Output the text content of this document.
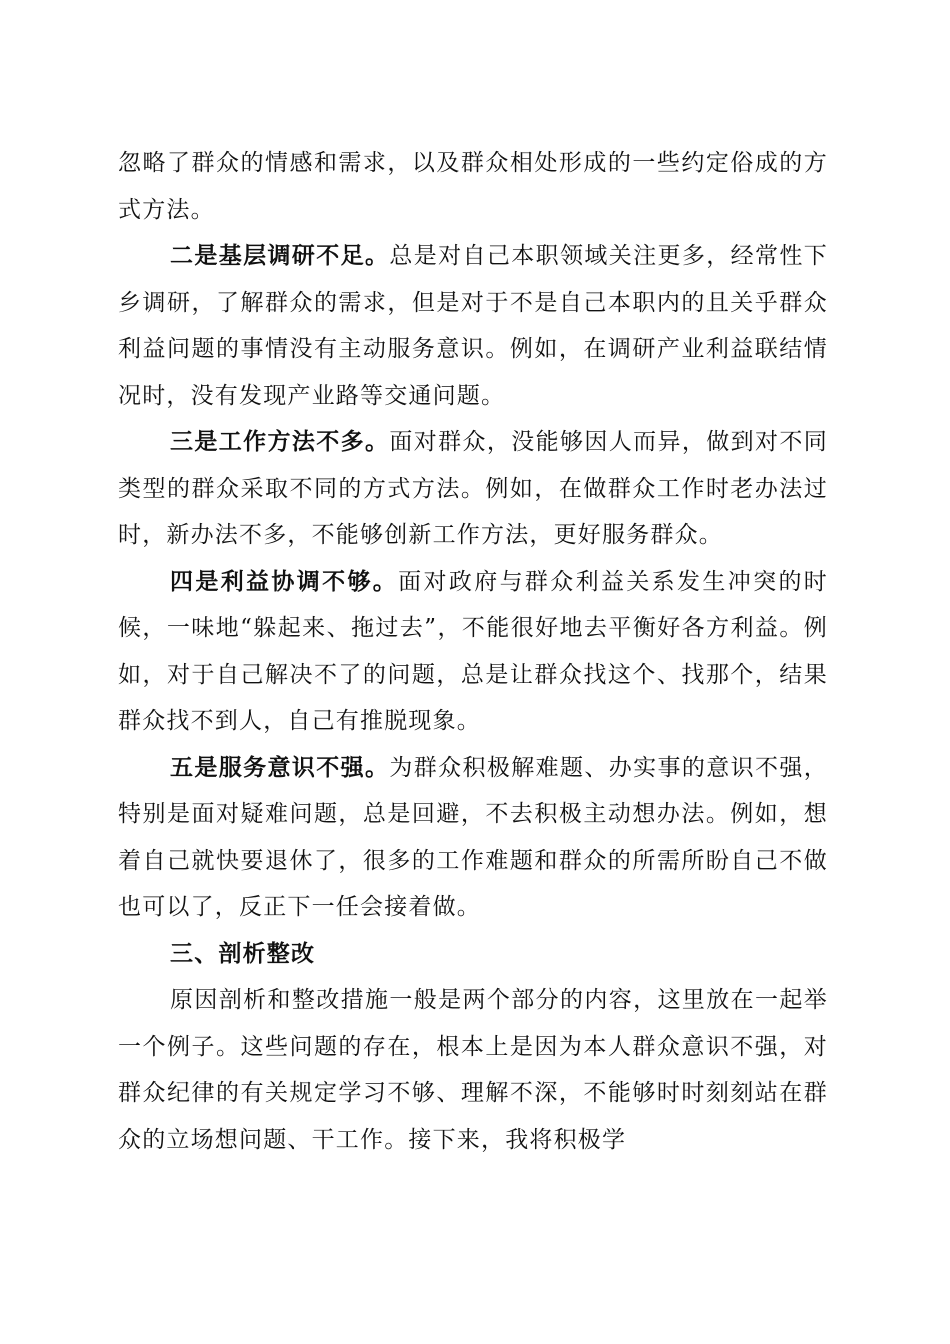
忽略了群众的情感和需求，以及群众相处形成的一些约定俗成的方式方法。

二是基层调研不足。总是对自己本职领域关注更多，经常性下乡调研，了解群众的需求，但是对于不是自己本职内的且关乎群众利益问题的事情没有主动服务意识。例如，在调研产业利益联结情况时，没有发现产业路等交通问题。

三是工作方法不多。面对群众，没能够因人而异，做到对不同类型的群众采取不同的方式方法。例如，在做群众工作时老办法过时，新办法不多，不能够创新工作方法，更好服务群众。

四是利益协调不够。面对政府与群众利益关系发生冲突的时候，一味地“躲起来、拖过去”，不能很好地去平衡好各方利益。例如，对于自己解决不了的问题，总是让群众找这个、找那个，结果群众找不到人，自己有推脱现象。

五是服务意识不强。为群众积极解难题、办实事的意识不强，特别是面对疑难问题，总是回避，不去积极主动想办法。例如，想着自己就快要退休了，很多的工作难题和群众的所需所盼自己不做也可以了，反正下一任会接着做。

三、剖析整改

原因剖析和整改措施一般是两个部分的内容，这里放在一起举一个例子。这些问题的存在，根本上是因为本人群众意识不强，对群众纪律的有关规定学习不够、理解不深，不能够时时刻刻站在群众的立场想问题、干工作。接下来，我将积极学
